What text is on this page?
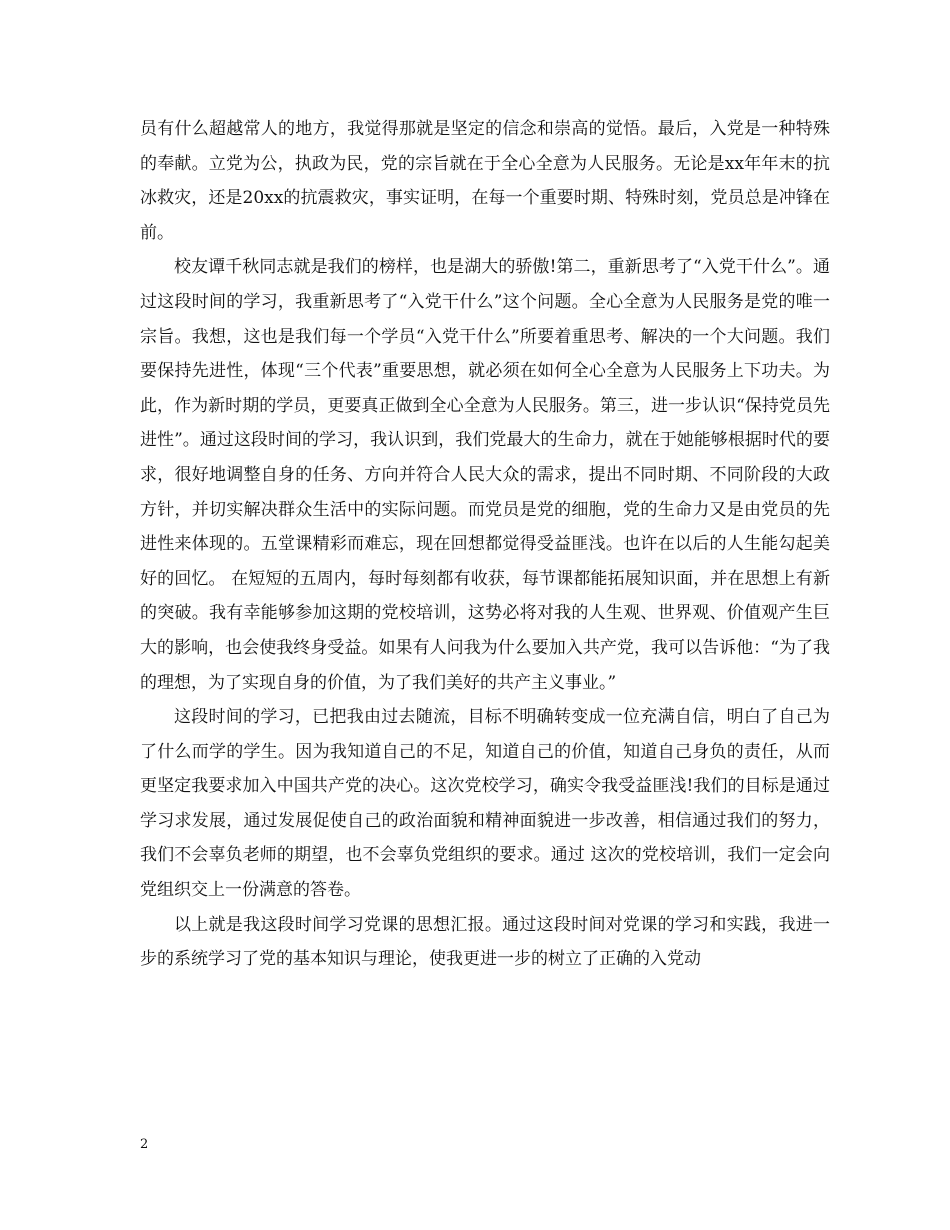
员有什么超越常人的地方，我觉得那就是坚定的信念和崇高的觉悟。最后，入党是一种特殊的奉献。立党为公，执政为民，党的宗旨就在于全心全意为人民服务。无论是xx年年末的抗冰救灾，还是20xx的抗震救灾，事实证明，在每一个重要时期、特殊时刻，党员总是冲锋在前。

校友谭千秋同志就是我们的榜样，也是湖大的骄傲!第二，重新思考了“入党干什么”。通过这段时间的学习，我重新思考了“入党干什么”这个问题。全心全意为人民服务是党的唯一宗旨。我想，这也是我们每一个学员“入党干什么”所要着重思考、解决的一个大问题。我们要保持先进性，体现“三个代表”重要思想，就必须在如何全心全意为人民服务上下功夫。为此，作为新时期的学员，更要真正做到全心全意为人民服务。第三，进一步认识“保持党员先进性”。通过这段时间的学习，我认识到，我们党最大的生命力，就在于她能够根据时代的要求，很好地调整自身的任务、方向并符合人民大众的需求，提出不同时期、不同阶段的大政方针，并切实解决群众生活中的实际问题。而党员是党的细胞，党的生命力又是由党员的先进性来体现的。五堂课精彩而难忘，现在回想都觉得受益匪浅。也许在以后的人生能勾起美好的回忆。 在短短的五周内，每时每刻都有收获，每节课都能拓展知识面，并在思想上有新的突破。我有幸能够参加这期的党校培训，这势必将对我的人生观、世界观、价值观产生巨大的影响，也会使我终身受益。如果有人问我为什么要加入共产党，我可以告诉他：“为了我的理想，为了实现自身的价值，为了我们美好的共产主义事业。”

这段时间的学习，已把我由过去随流，目标不明确转变成一位充满自信，明白了自己为了什么而学的学生。因为我知道自己的不足，知道自己的价值，知道自己身负的责任，从而更坚定我要求加入中国共产党的决心。这次党校学习，确实令我受益匪浅!我们的目标是通过学习求发展，通过发展促使自己的政治面貌和精神面貌进一步改善，相信通过我们的努力，我们不会辜负老师的期望，也不会辜负党组织的要求。通过 这次的党校培训，我们一定会向党组织交上一份满意的答卷。

以上就是我这段时间学习党课的思想汇报。通过这段时间对党课的学习和实践，我进一步的系统学习了党的基本知识与理论，使我更进一步的树立了正确的入党动

2
